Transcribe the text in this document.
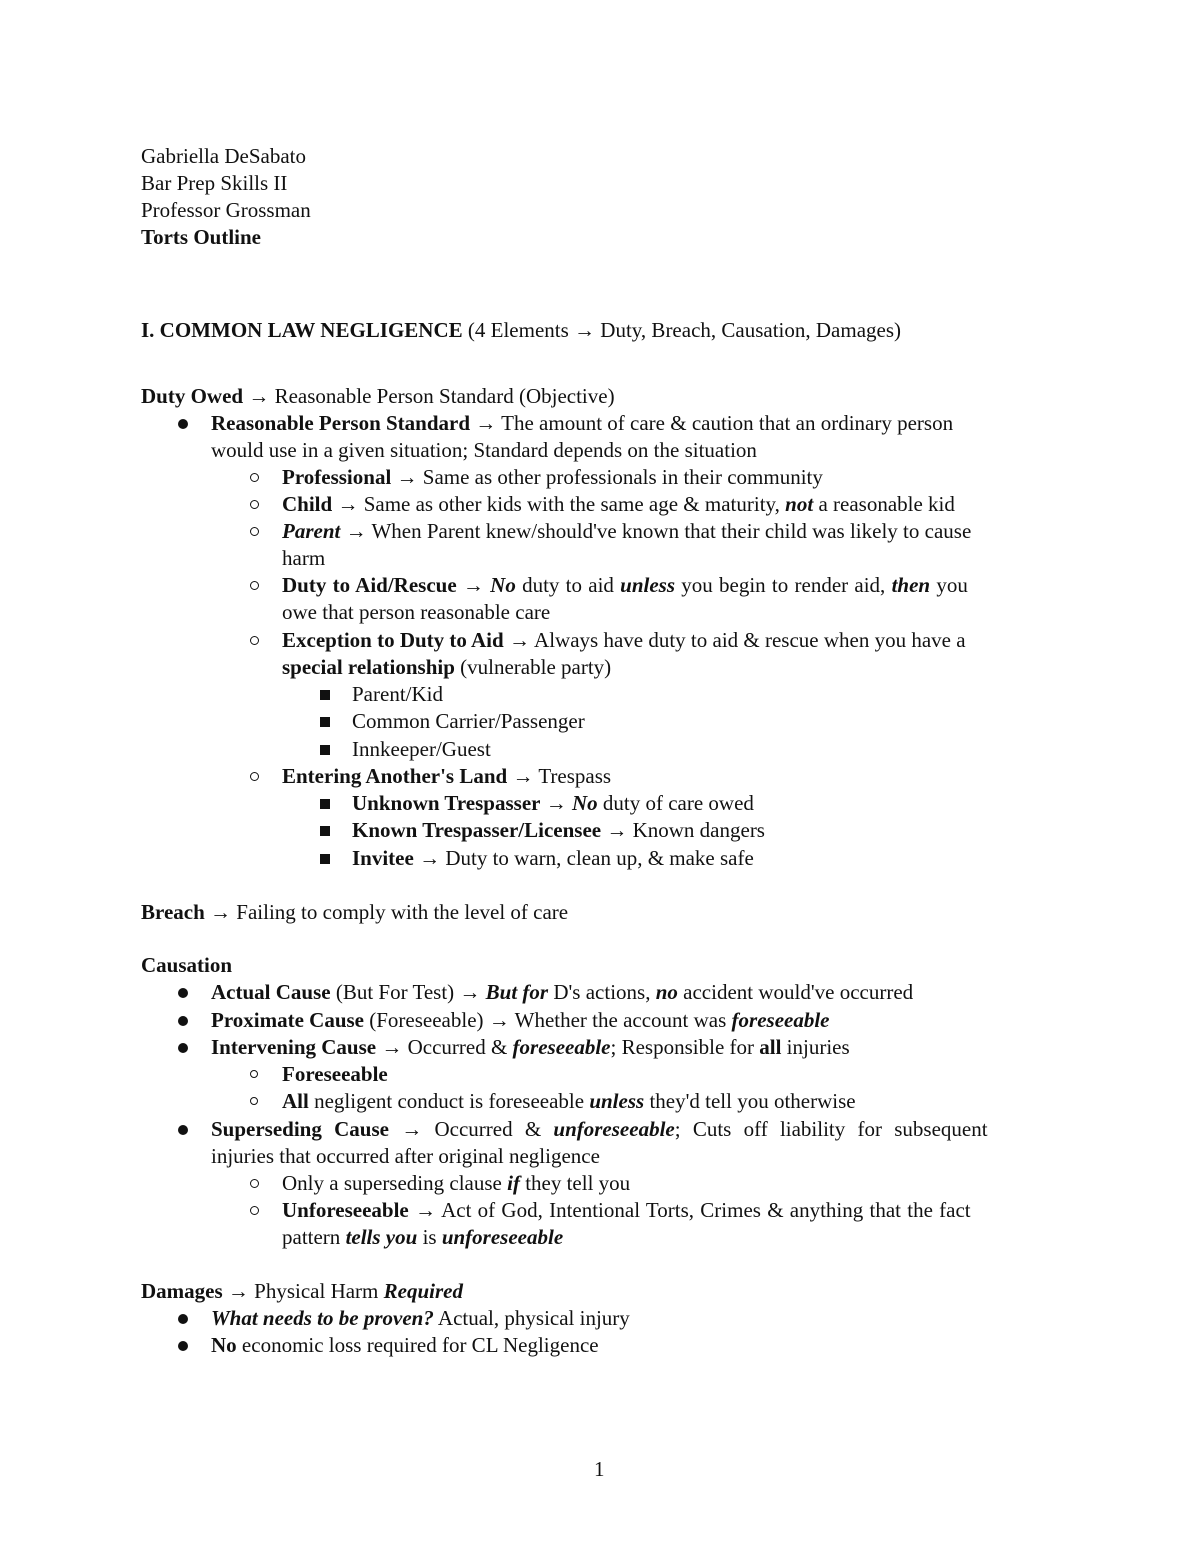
Gabriella DeSabato
Bar Prep Skills II
Professor Grossman
Torts Outline
I. COMMON LAW NEGLIGENCE (4 Elements → Duty, Breach, Causation, Damages)
Duty Owed → Reasonable Person Standard (Objective)
Reasonable Person Standard → The amount of care & caution that an ordinary person
would use in a given situation; Standard depends on the situation
Professional → Same as other professionals in their community
Child → Same as other kids with the same age & maturity, not a reasonable kid
Parent → When Parent knew/should've known that their child was likely to cause
harm
Duty to Aid/Rescue → No duty to aid unless you begin to render aid, then you
owe that person reasonable care
Exception to Duty to Aid → Always have duty to aid & rescue when you have a
special relationship (vulnerable party)
Parent/Kid
Common Carrier/Passenger
Innkeeper/Guest
Entering Another's Land → Trespass
Unknown Trespasser → No duty of care owed
Known Trespasser/Licensee → Known dangers
Invitee → Duty to warn, clean up, & make safe
Breach → Failing to comply with the level of care
Causation
Actual Cause (But For Test) → But for D's actions, no accident would've occurred
Proximate Cause (Foreseeable) → Whether the account was foreseeable
Intervening Cause → Occurred & foreseeable; Responsible for all injuries
Foreseeable
All negligent conduct is foreseeable unless they'd tell you otherwise
Superseding Cause → Occurred & unforeseeable; Cuts off liability for subsequent
injuries that occurred after original negligence
Only a superseding clause if they tell you
Unforeseeable → Act of God, Intentional Torts, Crimes & anything that the fact
pattern tells you is unforeseeable
Damages → Physical Harm Required
What needs to be proven? Actual, physical injury
No economic loss required for CL Negligence
1
